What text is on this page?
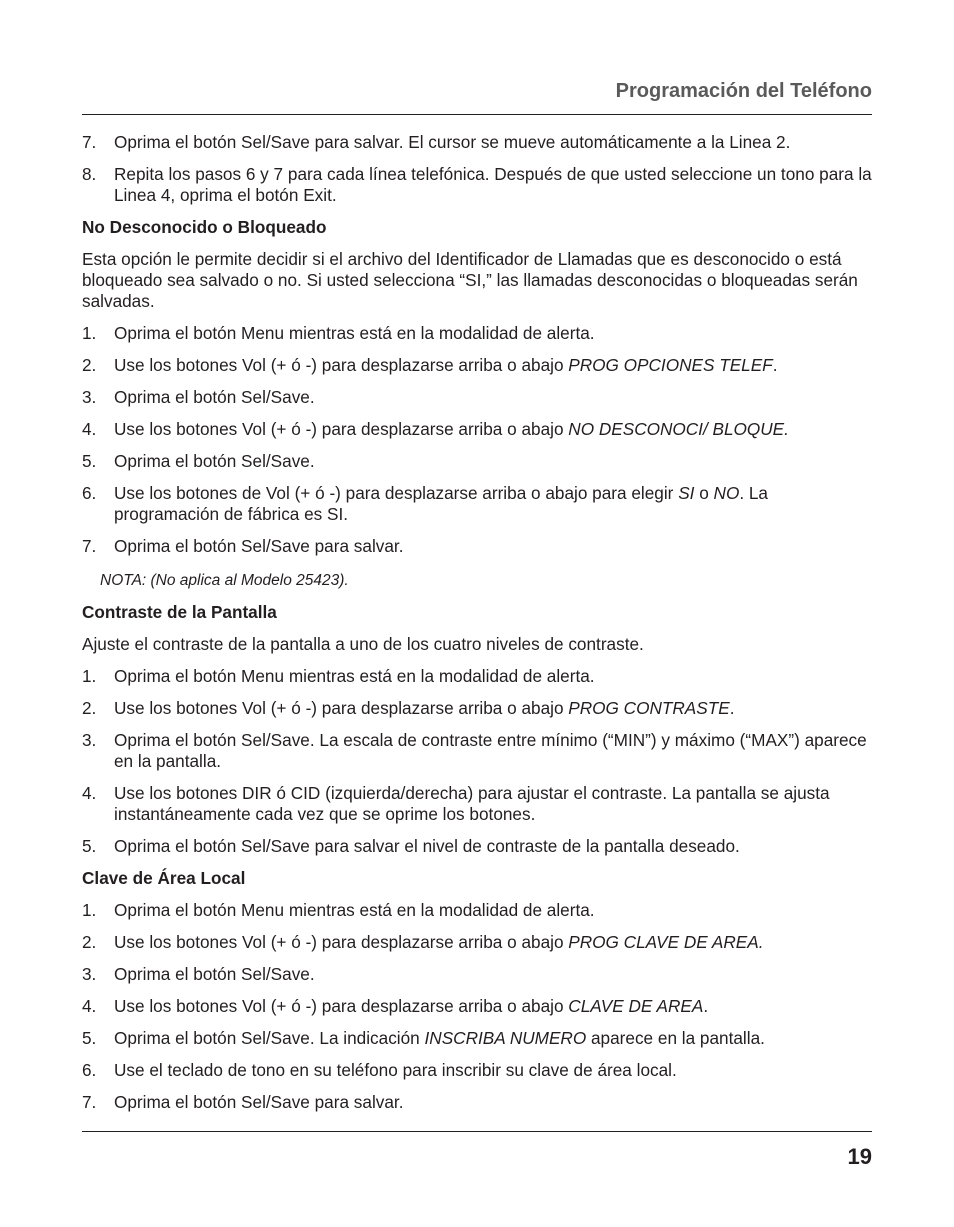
Programación del Teléfono
7. Oprima el botón Sel/Save para salvar. El cursor se mueve automáticamente a la Linea 2.
8. Repita los pasos 6 y 7 para cada línea telefónica. Después de que usted seleccione un tono para la Linea 4, oprima el botón Exit.
No Desconocido o Bloqueado

Esta opción le permite decidir si el archivo del Identificador de Llamadas que es desconocido o está bloqueado sea salvado o no. Si usted selecciona “SI,” las llamadas desconocidas o bloqueadas serán salvadas.

1. Oprima el botón Menu mientras está en la modalidad de alerta.
2. Use los botones Vol (+ ó -) para desplazarse arriba o abajo PROG OPCIONES TELEF.
3. Oprima el botón Sel/Save.
4. Use los botones Vol (+ ó -) para desplazarse arriba o abajo NO DESCONOCI/ BLOQUE.
5. Oprima el botón Sel/Save.
6. Use los botones de Vol (+ ó -) para desplazarse arriba o abajo para elegir SI o NO. La programación de fábrica es SI.
7. Oprima el botón Sel/Save para salvar.
NOTA: (No aplica al Modelo 25423).
Contraste de la Pantalla

Ajuste el contraste de la pantalla a uno de los cuatro niveles de contraste.

1. Oprima el botón Menu mientras está en la modalidad de alerta.
2. Use los botones Vol (+ ó -) para desplazarse arriba o abajo PROG CONTRASTE.
3. Oprima el botón Sel/Save. La escala de contraste entre mínimo (“MIN”) y máximo (“MAX”) aparece en la pantalla.
4. Use los botones DIR ó CID (izquierda/derecha) para ajustar el contraste. La pantalla se ajusta instantáneamente cada vez que se oprime los botones.
5. Oprima el botón Sel/Save para salvar el nivel de contraste de la pantalla deseado.
Clave de Área Local
1. Oprima el botón Menu mientras está en la modalidad de alerta.
2. Use los botones Vol (+ ó -) para desplazarse arriba o abajo PROG CLAVE DE AREA.
3. Oprima el botón Sel/Save.
4. Use los botones Vol (+ ó -) para desplazarse arriba o abajo CLAVE DE AREA.
5. Oprima el botón Sel/Save. La indicación INSCRIBA NUMERO aparece en la pantalla.
6. Use el teclado de tono en su teléfono para inscribir su clave de área local.
7. Oprima el botón Sel/Save para salvar.
19
